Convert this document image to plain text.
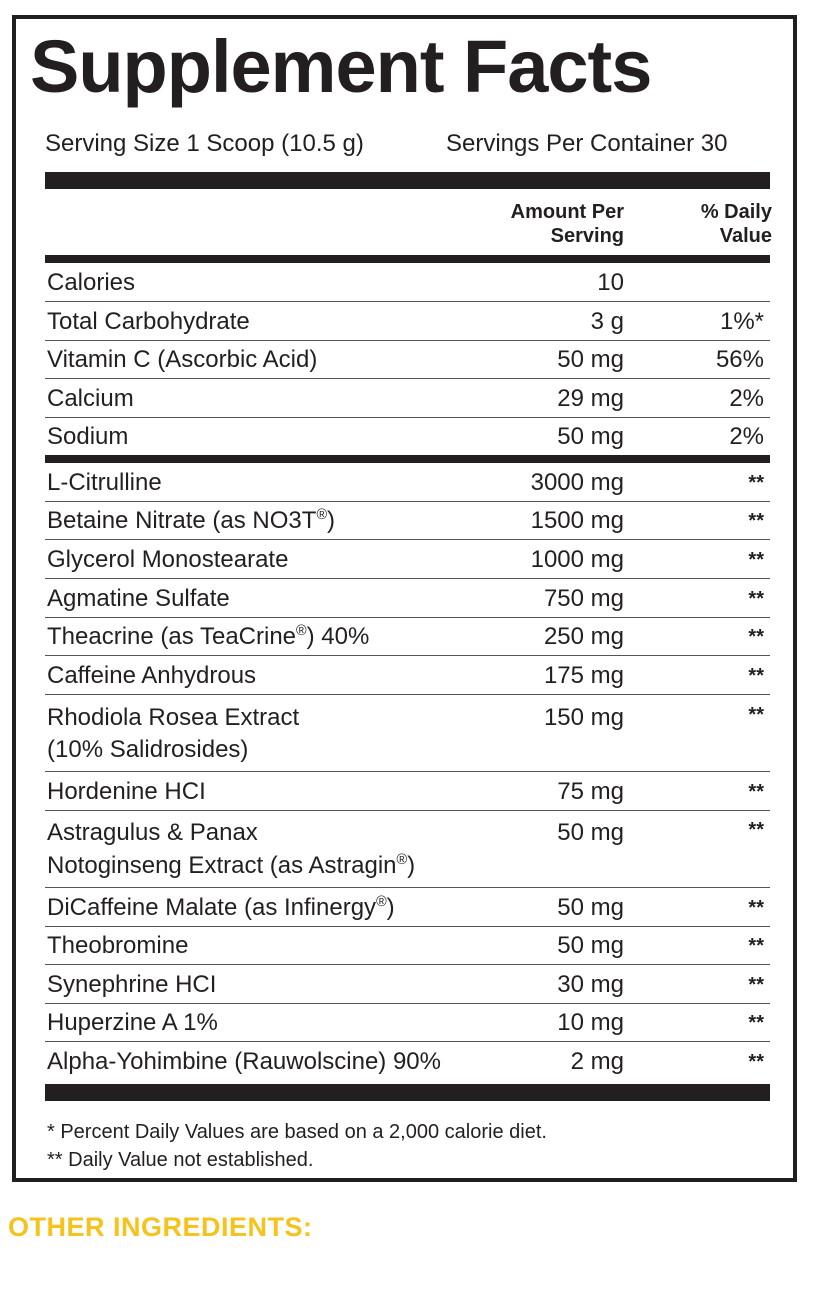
Supplement Facts
Serving Size 1 Scoop (10.5 g)	Servings Per Container 30
Amount Per
Serving
% Daily
Value
Calories	10
Total Carbohydrate	3 g	1%*
Vitamin C (Ascorbic Acid)	50 mg	56%
Calcium	29 mg	2%
Sodium	50 mg	2%
L-Citrulline	3000 mg	**
Betaine Nitrate (as NO3T®)	1500 mg	**
Glycerol Monostearate	1000 mg	**
Agmatine Sulfate	750 mg	**
Theacrine (as TeaCrine®) 40%	250 mg	**
Caffeine Anhydrous	175 mg	**
Rhodiola Rosea Extract
(10% Salidrosides)
150 mg	**
Hordenine HCI	75 mg	**
Astragulus & Panax
Notoginseng Extract (as Astragin®)
50 mg	**
DiCaffeine Malate (as Infinergy®)	50 mg	**
Theobromine	50 mg	**
Synephrine HCI	30 mg	**
Huperzine A 1%	10 mg	**
Alpha-Yohimbine (Rauwolscine) 90%	2 mg	**
* Percent Daily Values are based on a 2,000 calorie diet.
** Daily Value not established.
OTHER INGREDIENTS:
